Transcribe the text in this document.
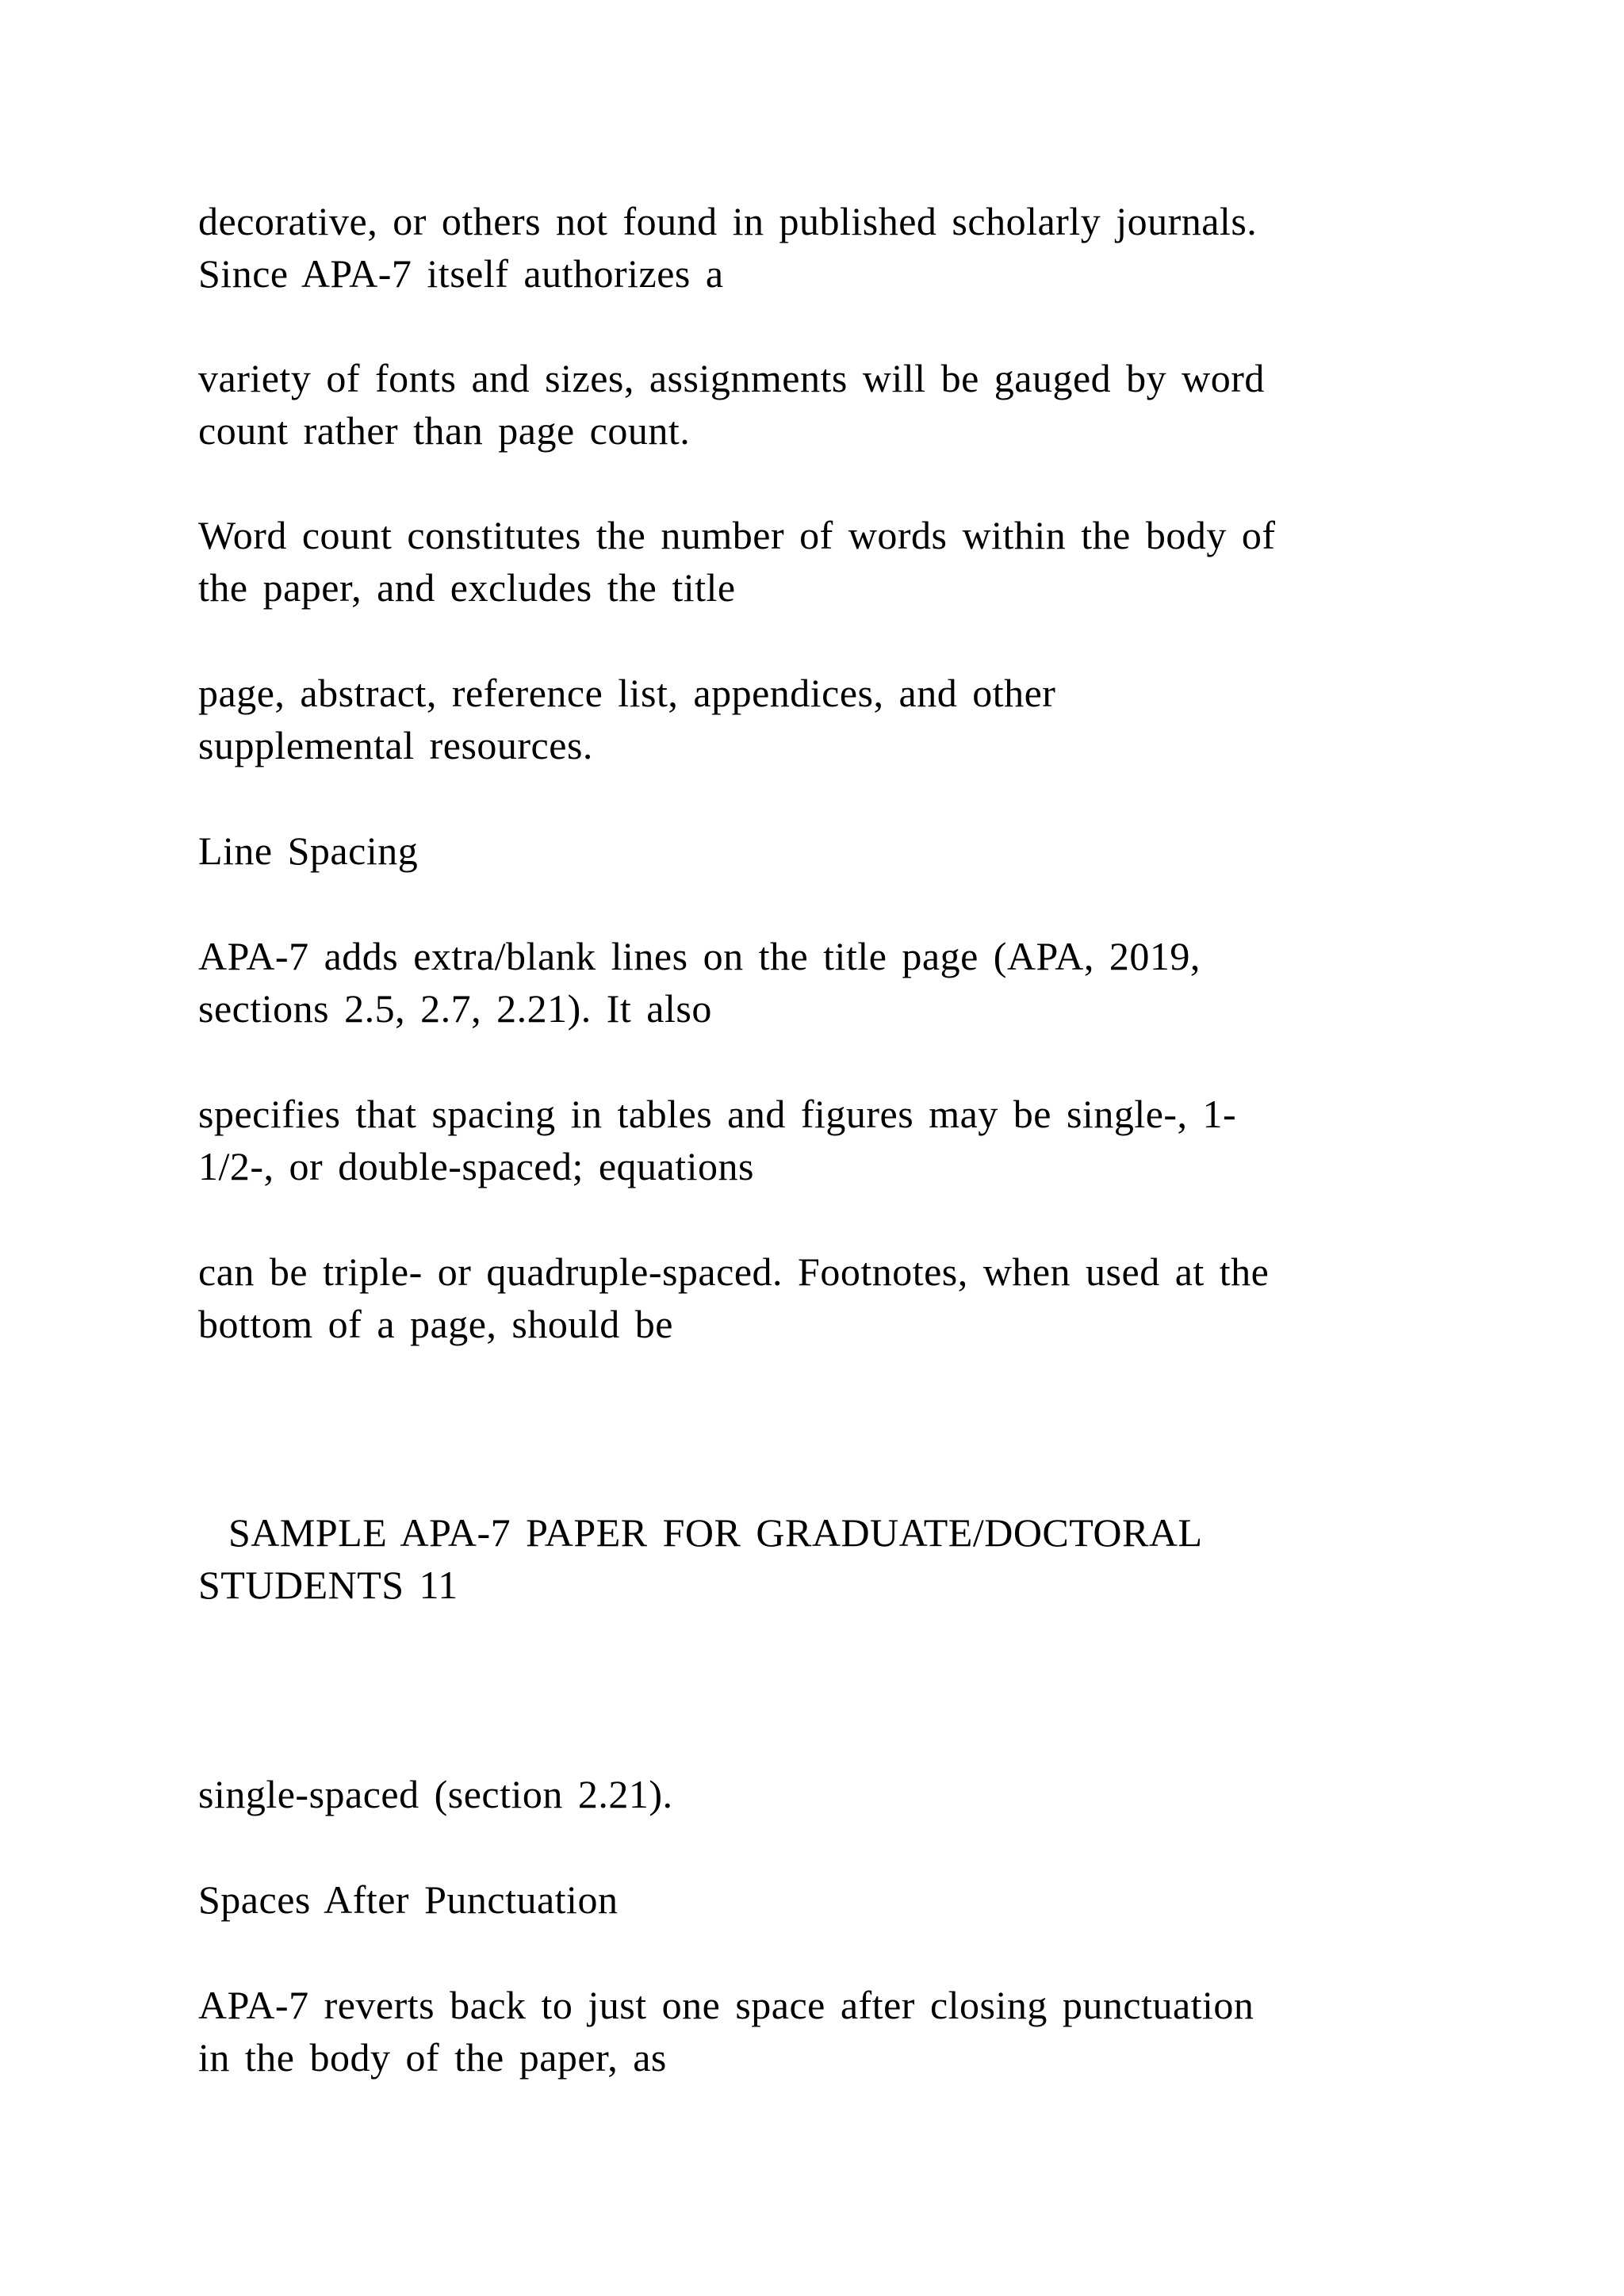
decorative, or others not found in published scholarly journals.
Since APA-7 itself authorizes a

variety of fonts and sizes, assignments will be gauged by word
count rather than page count.

Word count constitutes the number of words within the body of
the paper, and excludes the title

page, abstract, reference list, appendices, and other
supplemental resources.

Line Spacing

APA-7 adds extra/blank lines on the title page (APA, 2019,
sections 2.5, 2.7, 2.21). It also

specifies that spacing in tables and figures may be single-, 1-
1/2-, or double-spaced; equations

can be triple- or quadruple-spaced. Footnotes, when used at the
bottom of a page, should be

SAMPLE APA-7 PAPER FOR GRADUATE/DOCTORAL
STUDENTS 11

single-spaced (section 2.21).

Spaces After Punctuation

APA-7 reverts back to just one space after closing punctuation
in the body of the paper, as
